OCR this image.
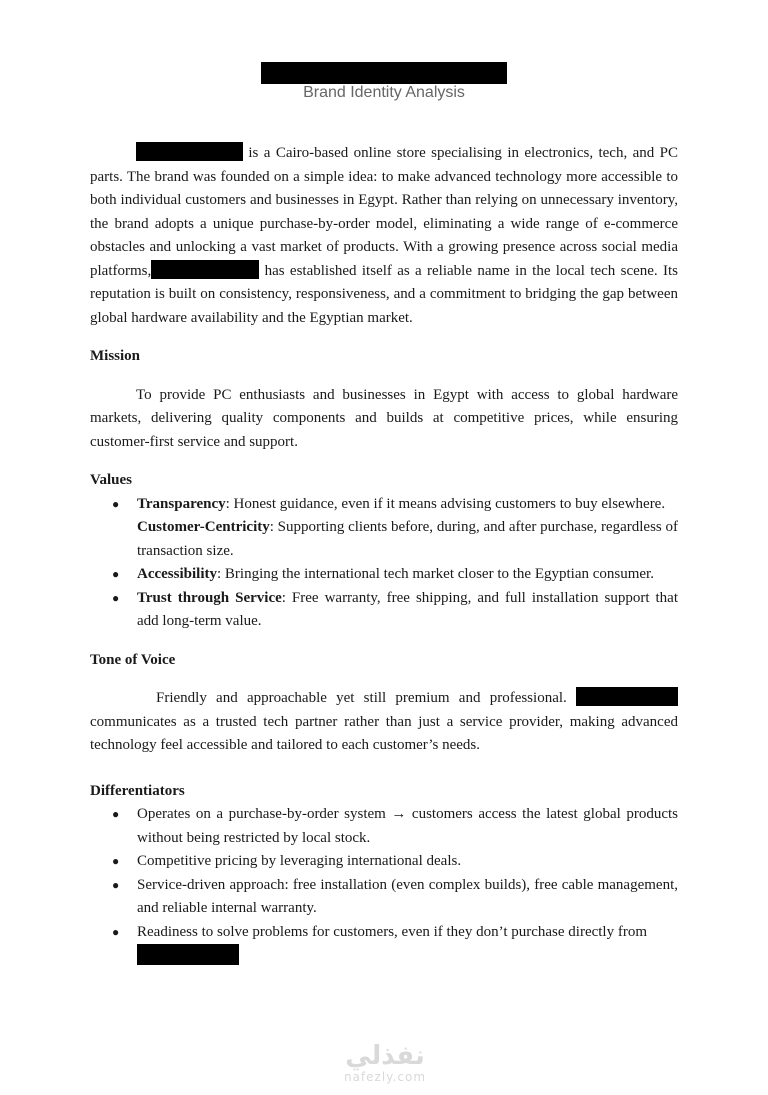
Brand Identity Analysis

is a Cairo-based online store specialising in electronics, tech, and PC parts. The brand was founded on a simple idea: to make advanced technology more accessible to both individual customers and businesses in Egypt. Rather than relying on unnecessary inventory, the brand adopts a unique purchase-by-order model, eliminating a wide range of e-commerce obstacles and unlocking a vast market of products. With a growing presence across social media platforms,	has established itself as a reliable name in the local tech scene. Its reputation is built on consistency, responsiveness, and a commitment to bridging the gap between global hardware availability and the Egyptian market.

Mission

To provide PC enthusiasts and businesses in Egypt with access to global hardware markets, delivering quality components and builds at competitive prices, while ensuring customer-first service and support.

Values
● Transparency: Honest guidance, even if it means advising customers to buy elsewhere.
Customer-Centricity: Supporting clients before, during, and after purchase, regardless of transaction size.
● Accessibility: Bringing the international tech market closer to the Egyptian consumer.
● Trust through Service: Free warranty, free shipping, and full installation support that add long-term value.
Tone of Voice

Friendly and approachable yet still premium and professional.  communicates as a trusted tech partner rather than just a service provider, making advanced technology feel accessible and tailored to each customer’s needs.

Differentiators
● Operates on a purchase-by-order system → customers access the latest global products without being restricted by local stock.
● Competitive pricing by leveraging international deals.
● Service-driven approach: free installation (even complex builds), free cable management, and reliable internal warranty.
● Readiness to solve problems for customers, even if they don’t purchase directly from

نفذلي
nafezly.com
